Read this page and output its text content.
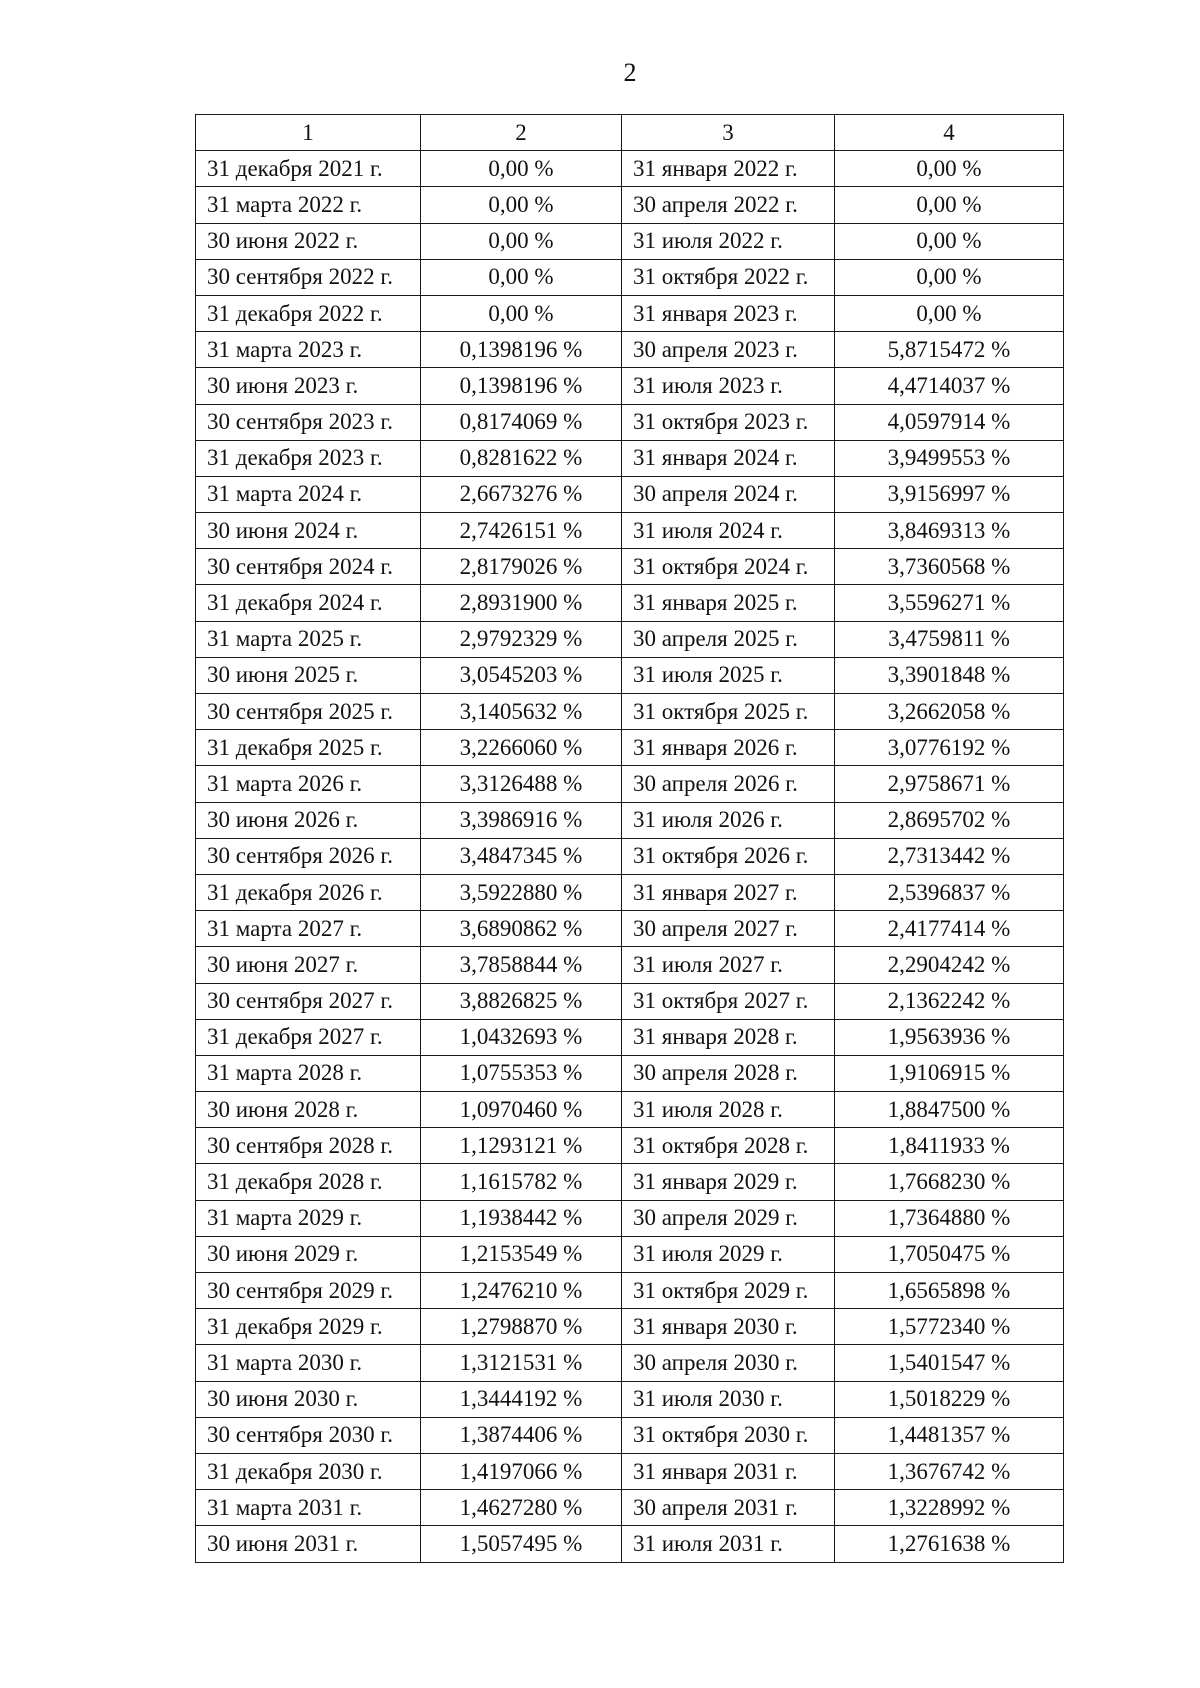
2
1	2	3	4
31 декабря 2021 г.	0,00 %	31 января 2022 г.	0,00 %
31 марта 2022 г.	0,00 %	30 апреля 2022 г.	0,00 %
30 июня 2022 г.	0,00 %	31 июля 2022 г.	0,00 %
30 сентября 2022 г.	0,00 %	31 октября 2022 г.	0,00 %
31 декабря 2022 г.	0,00 %	31 января 2023 г.	0,00 %
31 марта 2023 г.	0,1398196 %	30 апреля 2023 г.	5,8715472 %
30 июня 2023 г.	0,1398196 %	31 июля 2023 г.	4,4714037 %
30 сентября 2023 г.	0,8174069 %	31 октября 2023 г.	4,0597914 %
31 декабря 2023 г.	0,8281622 %	31 января 2024 г.	3,9499553 %
31 марта 2024 г.	2,6673276 %	30 апреля 2024 г.	3,9156997 %
30 июня 2024 г.	2,7426151 %	31 июля 2024 г.	3,8469313 %
30 сентября 2024 г.	2,8179026 %	31 октября 2024 г.	3,7360568 %
31 декабря 2024 г.	2,8931900 %	31 января 2025 г.	3,5596271 %
31 марта 2025 г.	2,9792329 %	30 апреля 2025 г.	3,4759811 %
30 июня 2025 г.	3,0545203 %	31 июля 2025 г.	3,3901848 %
30 сентября 2025 г.	3,1405632 %	31 октября 2025 г.	3,2662058 %
31 декабря 2025 г.	3,2266060 %	31 января 2026 г.	3,0776192 %
31 марта 2026 г.	3,3126488 %	30 апреля 2026 г.	2,9758671 %
30 июня 2026 г.	3,3986916 %	31 июля 2026 г.	2,8695702 %
30 сентября 2026 г.	3,4847345 %	31 октября 2026 г.	2,7313442 %
31 декабря 2026 г.	3,5922880 %	31 января 2027 г.	2,5396837 %
31 марта 2027 г.	3,6890862 %	30 апреля 2027 г.	2,4177414 %
30 июня 2027 г.	3,7858844 %	31 июля 2027 г.	2,2904242 %
30 сентября 2027 г.	3,8826825 %	31 октября 2027 г.	2,1362242 %
31 декабря 2027 г.	1,0432693 %	31 января 2028 г.	1,9563936 %
31 марта 2028 г.	1,0755353 %	30 апреля 2028 г.	1,9106915 %
30 июня 2028 г.	1,0970460 %	31 июля 2028 г.	1,8847500 %
30 сентября 2028 г.	1,1293121 %	31 октября 2028 г.	1,8411933 %
31 декабря 2028 г.	1,1615782 %	31 января 2029 г.	1,7668230 %
31 марта 2029 г.	1,1938442 %	30 апреля 2029 г.	1,7364880 %
30 июня 2029 г.	1,2153549 %	31 июля 2029 г.	1,7050475 %
30 сентября 2029 г.	1,2476210 %	31 октября 2029 г.	1,6565898 %
31 декабря 2029 г.	1,2798870 %	31 января 2030 г.	1,5772340 %
31 марта 2030 г.	1,3121531 %	30 апреля 2030 г.	1,5401547 %
30 июня 2030 г.	1,3444192 %	31 июля 2030 г.	1,5018229 %
30 сентября 2030 г.	1,3874406 %	31 октября 2030 г.	1,4481357 %
31 декабря 2030 г.	1,4197066 %	31 января 2031 г.	1,3676742 %
31 марта 2031 г.	1,4627280 %	30 апреля 2031 г.	1,3228992 %
30 июня 2031 г.	1,5057495 %	31 июля 2031 г.	1,2761638 %
